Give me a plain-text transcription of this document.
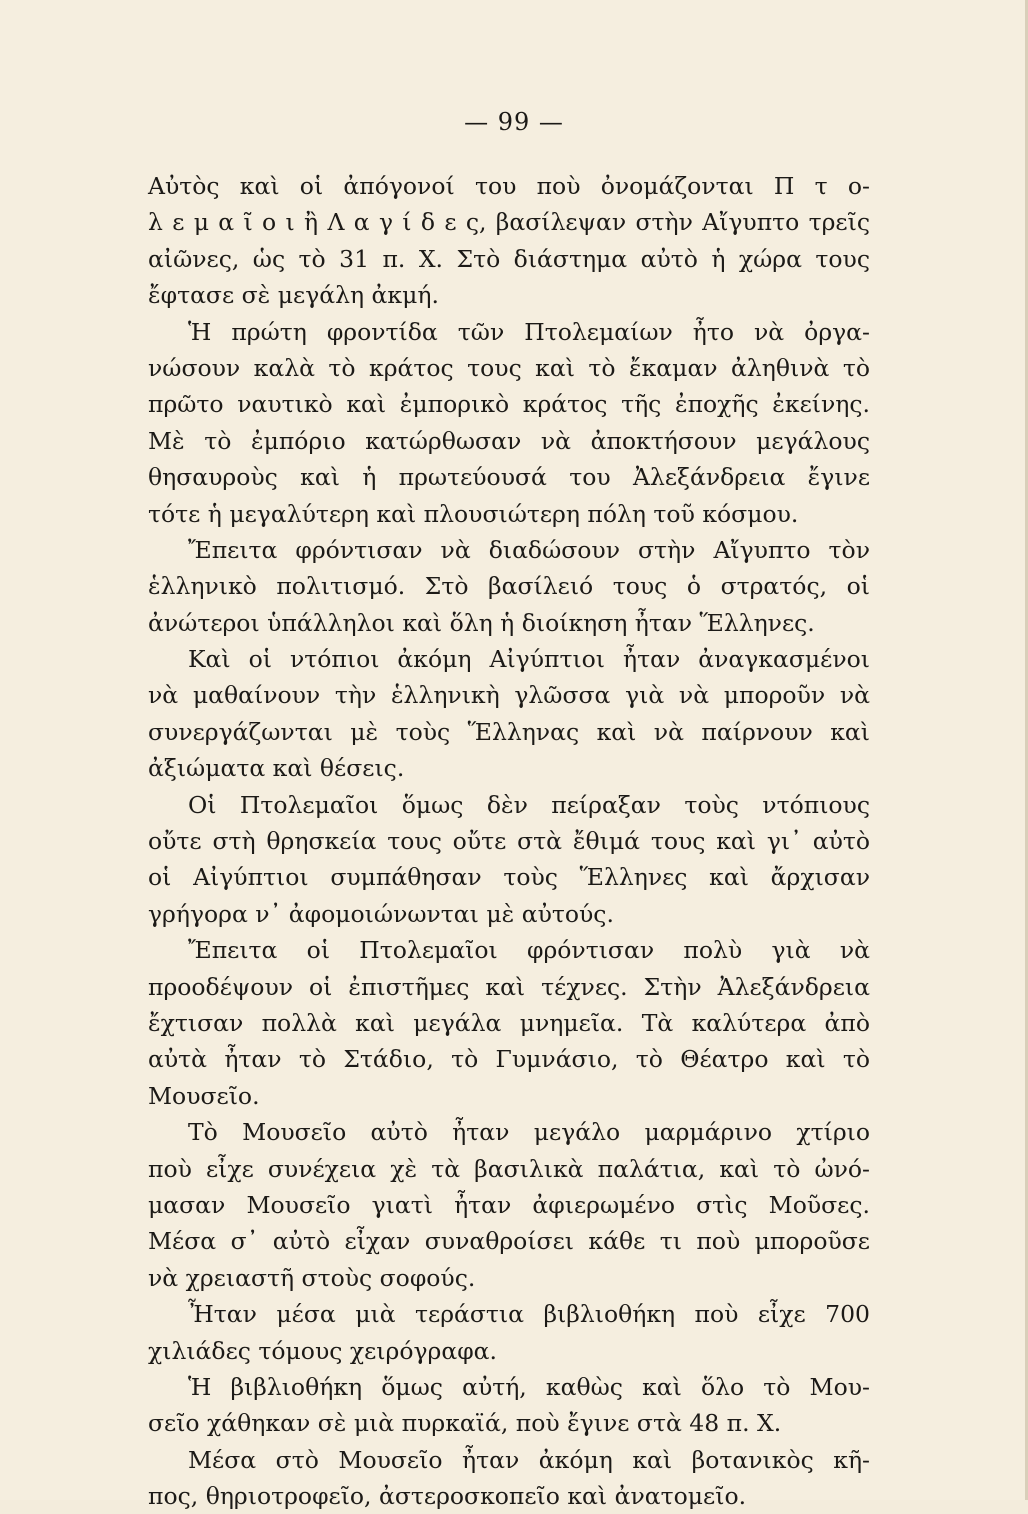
— 99 —
Αὐτὸς καὶ οἱ ἀπόγονοί του ποὺ ὀνομάζονται Π τ ο-
λ ε μ α ῖ ο ι ἢ Λ α γ ί δ ε ς, βασίλεψαν στὴν Αἴγυπτο τρεῖς
αἰῶνες, ὡς τὸ 31 π. Χ. Στὸ διάστημα αὐτὸ ἡ χώρα τους
ἔφτασε σὲ μεγάλη ἀκμή.
Ἡ πρώτη φροντίδα τῶν Πτολεμαίων ἦτο νὰ ὀργα-
νώσουν καλὰ τὸ κράτος τους καὶ τὸ ἔκαμαν ἀληθινὰ τὸ
πρῶτο ναυτικὸ καὶ ἐμπορικὸ κράτος τῆς ἐποχῆς ἐκείνης.
Μὲ τὸ ἐμπόριο κατώρθωσαν νὰ ἀποκτήσουν μεγάλους
θησαυροὺς καὶ ἡ πρωτεύουσά του Ἀλεξάνδρεια ἔγινε
τότε ἡ μεγαλύτερη καὶ πλουσιώτερη πόλη τοῦ κόσμου.
Ἔπειτα φρόντισαν νὰ διαδώσουν στὴν Αἴγυπτο τὸν
ἑλληνικὸ πολιτισμό. Στὸ βασίλειό τους ὁ στρατός, οἱ
ἀνώτεροι ὑπάλληλοι καὶ ὅλη ἡ διοίκηση ἦταν Ἕλληνες.
Καὶ οἱ ντόπιοι ἀκόμη Αἰγύπτιοι ἦταν ἀναγκασμένοι
νὰ μαθαίνουν τὴν ἑλληνικὴ γλῶσσα γιὰ νὰ μποροῦν νὰ
συνεργάζωνται μὲ τοὺς Ἕλληνας καὶ νὰ παίρνουν καὶ
ἀξιώματα καὶ θέσεις.
Οἱ Πτολεμαῖοι ὅμως δὲν πείραξαν τοὺς ντόπιους
οὔτε στὴ θρησκεία τους οὔτε στὰ ἔθιμά τους καὶ γι᾽ αὐτὸ
οἱ Αἰγύπτιοι συμπάθησαν τοὺς Ἕλληνες καὶ ἄρχισαν
γρήγορα ν᾽ ἀφομοιώνωνται μὲ αὐτούς.
Ἔπειτα οἱ Πτολεμαῖοι φρόντισαν πολὺ γιὰ νὰ
προοδέψουν οἱ ἐπιστῆμες καὶ τέχνες. Στὴν Ἀλεξάνδρεια
ἔχτισαν πολλὰ καὶ μεγάλα μνημεῖα. Τὰ καλύτερα ἀπὸ
αὐτὰ ἦταν τὸ Στάδιο, τὸ Γυμνάσιο, τὸ Θέατρο καὶ τὸ
Μουσεῖο.
Τὸ Μουσεῖο αὐτὸ ἦταν μεγάλο μαρμάρινο χτίριο
ποὺ εἶχε συνέχεια χὲ τὰ βασιλικὰ παλάτια, καὶ τὸ ὠνό-
μασαν Μουσεῖο γιατὶ ἦταν ἀφιερωμένο στὶς Μοῦσες.
Μέσα σ᾽ αὐτὸ εἶχαν συναθροίσει κάθε τι ποὺ μποροῦσε
νὰ χρειαστῆ στοὺς σοφούς.
Ἦταν μέσα μιὰ τεράστια βιβλιοθήκη ποὺ εἶχε 700
χιλιάδες τόμους χειρόγραφα.
Ἡ βιβλιοθήκη ὅμως αὐτή, καθὼς καὶ ὅλο τὸ Μου-
σεῖο χάθηκαν σὲ μιὰ πυρκαϊά, ποὺ ἔγινε στὰ 48 π. Χ.
Μέσα στὸ Μουσεῖο ἦταν ἀκόμη καὶ βοτανικὸς κῆ-
πος, θηριοτροφεῖο, ἀστεροσκοπεῖο καὶ ἀνατομεῖο.
